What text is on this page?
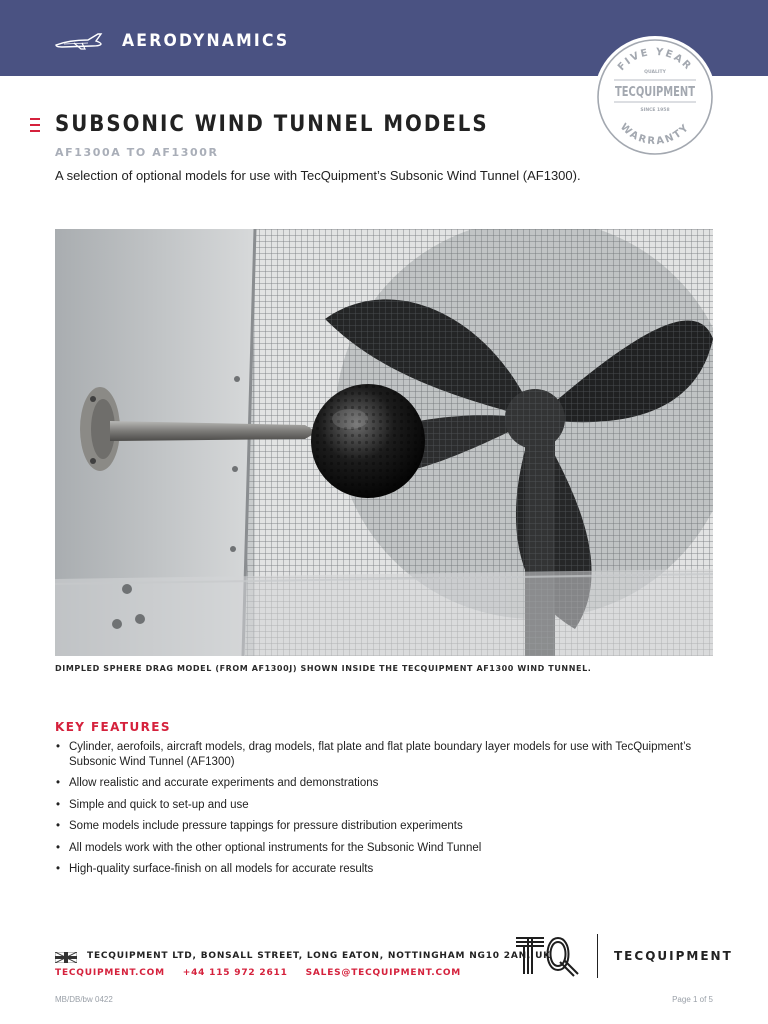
AERODYNAMICS
FIVE YEAR
WARRANTY
QUALITY
TECQUIPMENT
SINCE 1958
SUBSONIC WIND TUNNEL MODELS
AF1300A TO AF1300R
A selection of optional models for use with TecQuipment’s Subsonic Wind Tunnel (AF1300).
DIMPLED SPHERE DRAG MODEL (FROM AF1300J) SHOWN INSIDE THE TECQUIPMENT AF1300 WIND TUNNEL.
KEY FEATURES
• Cylinder, aerofoils, aircraft models, drag models, flat plate and flat plate boundary layer models for use with TecQuipment’s Subsonic Wind Tunnel (AF1300)
• Allow realistic and accurate experiments and demonstrations
• Simple and quick to set-up and use
• Some models include pressure tappings for pressure distribution experiments
• All models work with the other optional instruments for the Subsonic Wind Tunnel
• High-quality surface-finish on all models for accurate results
TECQUIPMENT LTD, BONSALL STREET, LONG EATON, NOTTINGHAM NG10 2AN, UK
TECQUIPMENT.COM +44 115 972 2611 SALES@TECQUIPMENT.COM
TECQUIPMENT
MB/DB/bw 0422	Page 1 of 5
